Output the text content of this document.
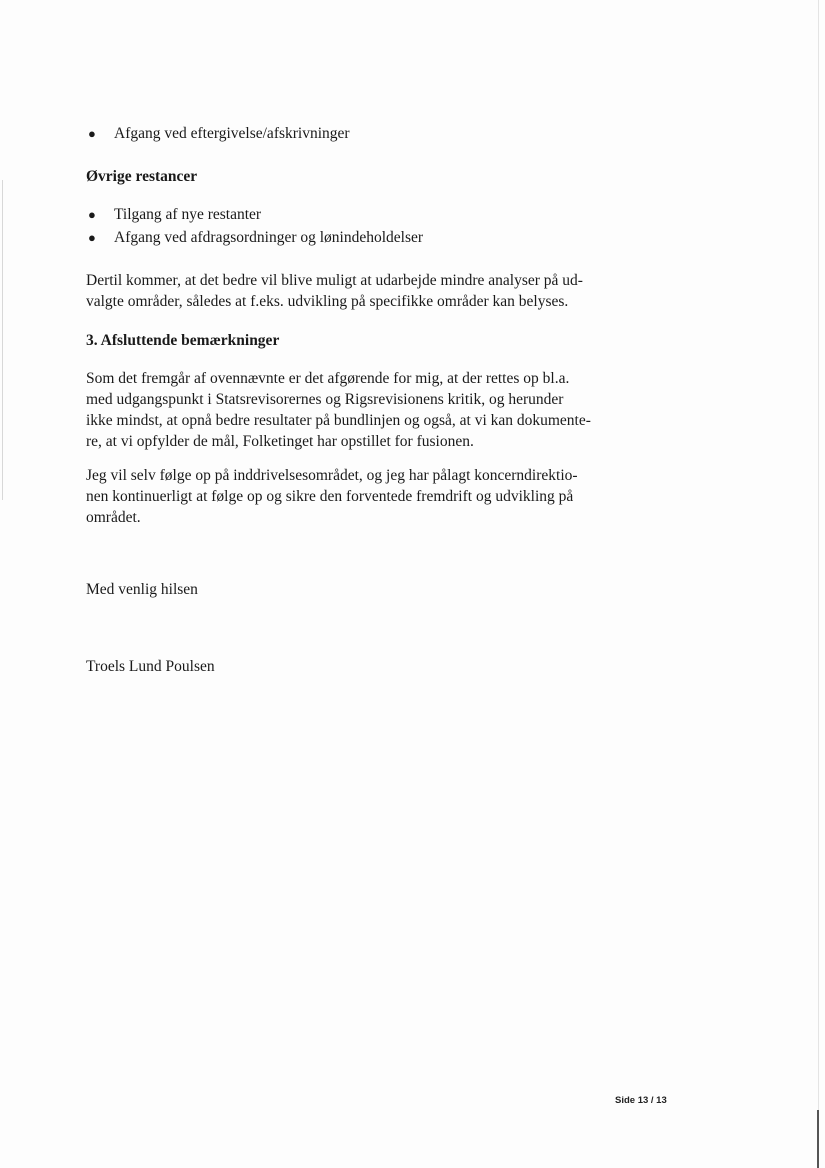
● Afgang ved eftergivelse/afskrivninger
Øvrige restancer
● Tilgang af nye restanter
● Afgang ved afdragsordninger og lønindeholdelser
Dertil kommer, at det bedre vil blive muligt at udarbejde mindre analyser på ud-
valgte områder, således at f.eks. udvikling på specifikke områder kan belyses.
3. Afsluttende bemærkninger
Som det fremgår af ovennævnte er det afgørende for mig, at der rettes op bl.a.
med udgangspunkt i Statsrevisorernes og Rigsrevisionens kritik, og herunder
ikke mindst, at opnå bedre resultater på bundlinjen og også, at vi kan dokumente-
re, at vi opfylder de mål, Folketinget har opstillet for fusionen.
Jeg vil selv følge op på inddrivelsesområdet, og jeg har pålagt koncerndirektio-
nen kontinuerligt at følge op og sikre den forventede fremdrift og udvikling på
området.
Med venlig hilsen
Troels Lund Poulsen
Side 13 / 13
